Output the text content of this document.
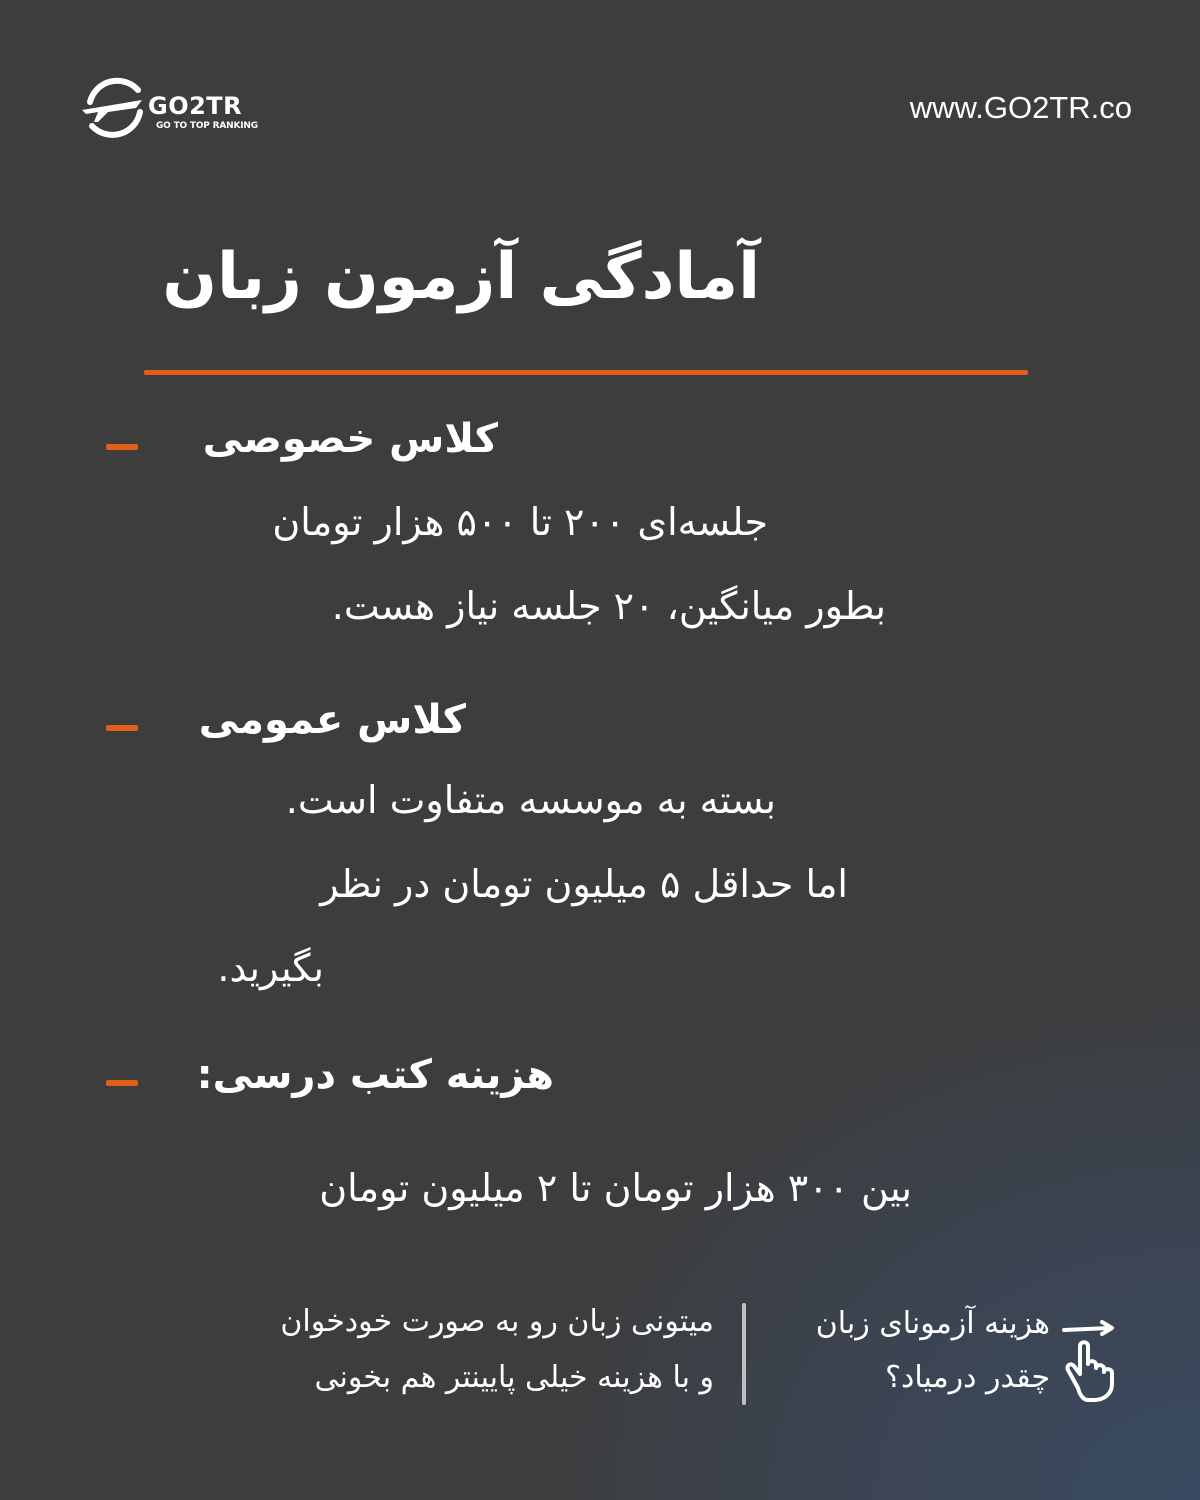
GO2TR
GO TO TOP RANKING
www.GO2TR.co
آمادگی آزمون زبان
کلاس خصوصی
جلسه‌ای ۲۰۰ تا ۵۰۰ هزار تومان
بطور میانگین، ۲۰ جلسه نیاز هست.
کلاس عمومی
بسته به موسسه متفاوت است.
اما حداقل ۵ میلیون تومان در نظر
بگیرید.
هزینه کتب درسی:
بین ۳۰۰ هزار تومان تا ۲ میلیون تومان
میتونی زبان رو به صورت خودخوان
و با هزینه خیلی پایینتر هم بخونی
هزینه آزمونای زبان
چقدر درمیاد؟
